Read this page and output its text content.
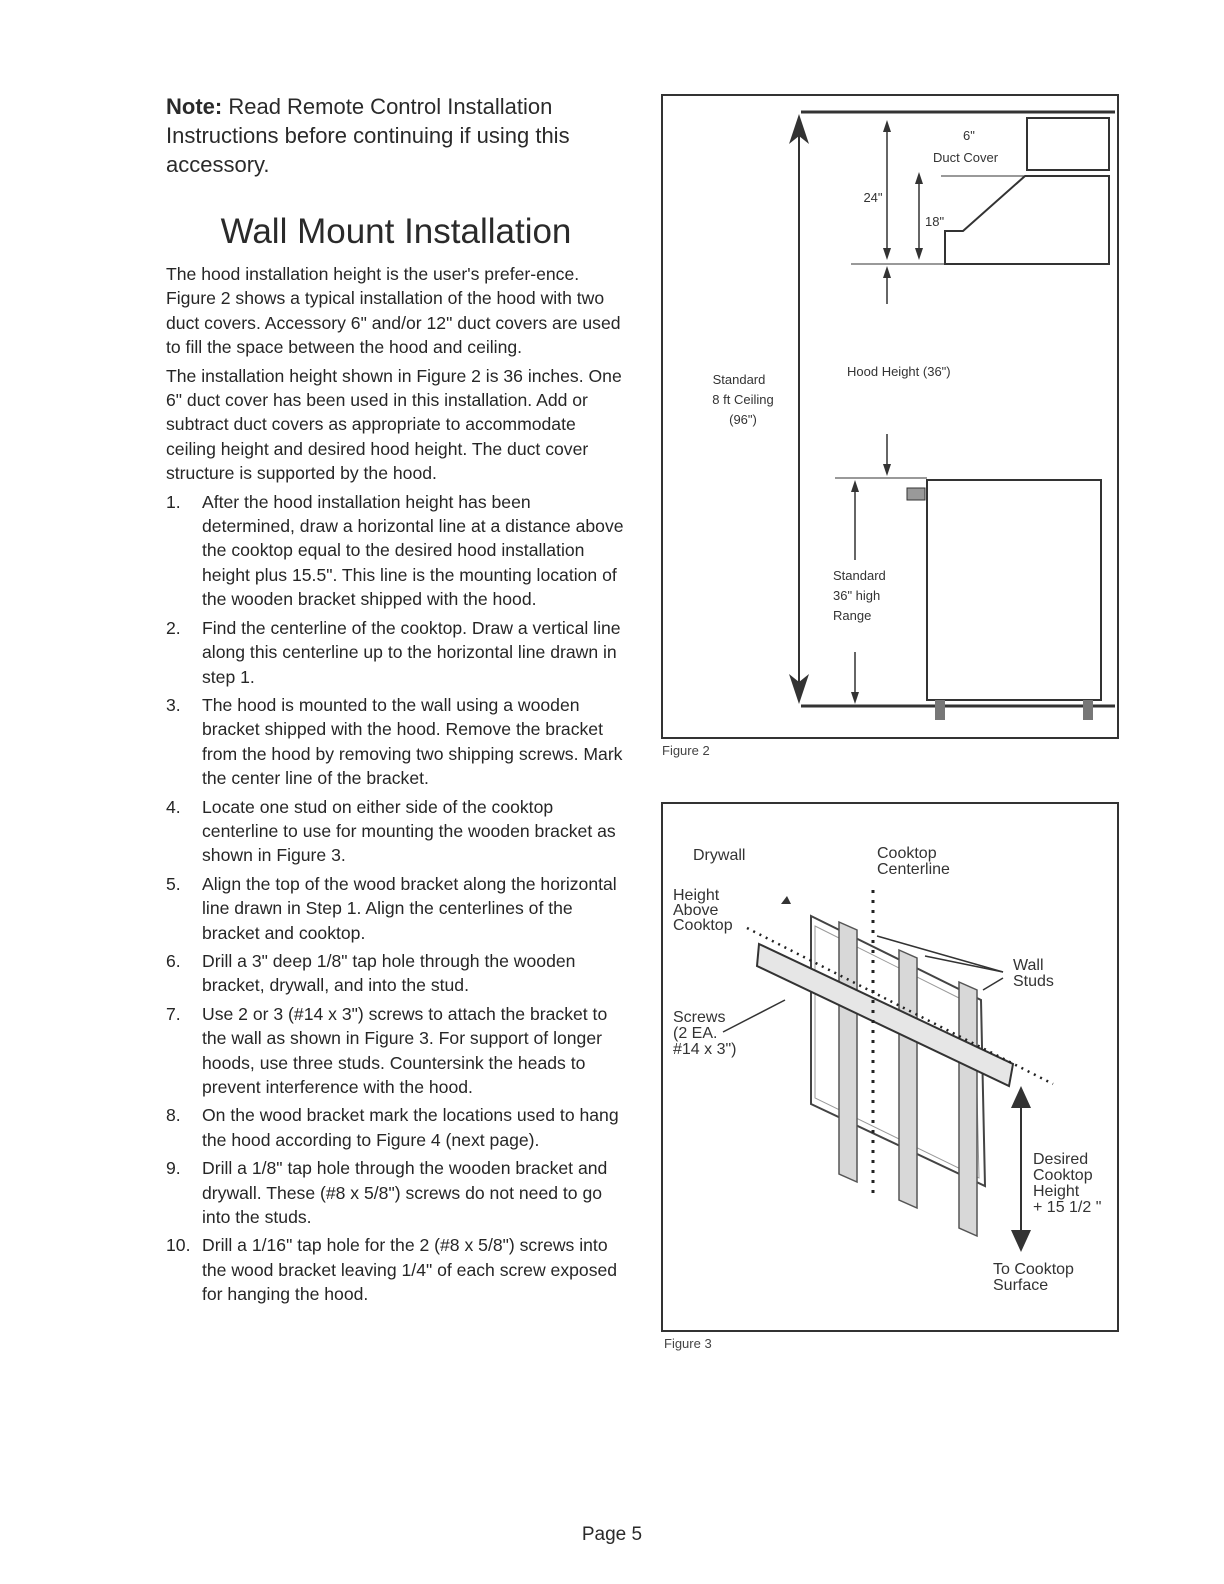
Note: Read Remote Control Installation Instructions before continuing if using this accessory.
Wall Mount Installation

The hood installation height is the user's prefer-ence. Figure 2 shows a typical installation of the hood with two duct covers. Accessory 6" and/or 12" duct covers are used to fill the space between the hood and ceiling.

The installation height shown in Figure 2 is 36 inches. One 6" duct cover has been used in this installation. Add or subtract duct covers as appropriate to accommodate ceiling height and desired hood height. The duct cover structure is supported by the hood.

1.	After the hood installation height has been determined, draw a horizontal line at a distance above the cooktop equal to the desired hood installation height plus 15.5". This line is the mounting location of the wooden bracket shipped with the hood.
2.	Find the centerline of the cooktop. Draw a vertical line along this centerline up to the horizontal line drawn in step 1.
3.	The hood is mounted to the wall using a wooden bracket shipped with the hood. Remove the bracket from the hood by removing two shipping screws. Mark the center line of the bracket.
4.	Locate one stud on either side of the cooktop centerline to use for mounting the wooden bracket as shown in Figure 3.
5.	Align the top of the wood bracket along the horizontal line drawn in Step 1. Align the centerlines of the bracket and cooktop.
6.	Drill a 3" deep 1/8" tap hole through the wooden bracket, drywall, and into the stud.
7.	Use 2 or 3 (#14 x 3") screws to attach the bracket to the wall as shown in Figure 3. For support of longer hoods, use three studs. Countersink the heads to prevent interference with the hood.
8.	On the wood bracket mark the locations used to hang the hood according to Figure 4 (next page).
9.	Drill a 1/8" tap hole through the wooden bracket and drywall. These (#8 x 5/8") screws do not need to go into the studs.
10. Drill a 1/16" tap hole for the 2 (#8 x 5/8") screws into the wood bracket leaving 1/4" of each screw exposed for hanging the hood.
6"
Duct Cover
24"
18"
Standard
8 ft Ceiling
(96")
Hood Height (36")
Standard
36" high
Range
Figure 2
Drywall	Cooktop
Centerline
Height
Above
Cooktop
Wall
Studs
Screws
(2 EA.
#14 x 3")
Desired
Cooktop
Height
+ 15 1/2 "
To Cooktop
Surface
Figure 3
Page 5
